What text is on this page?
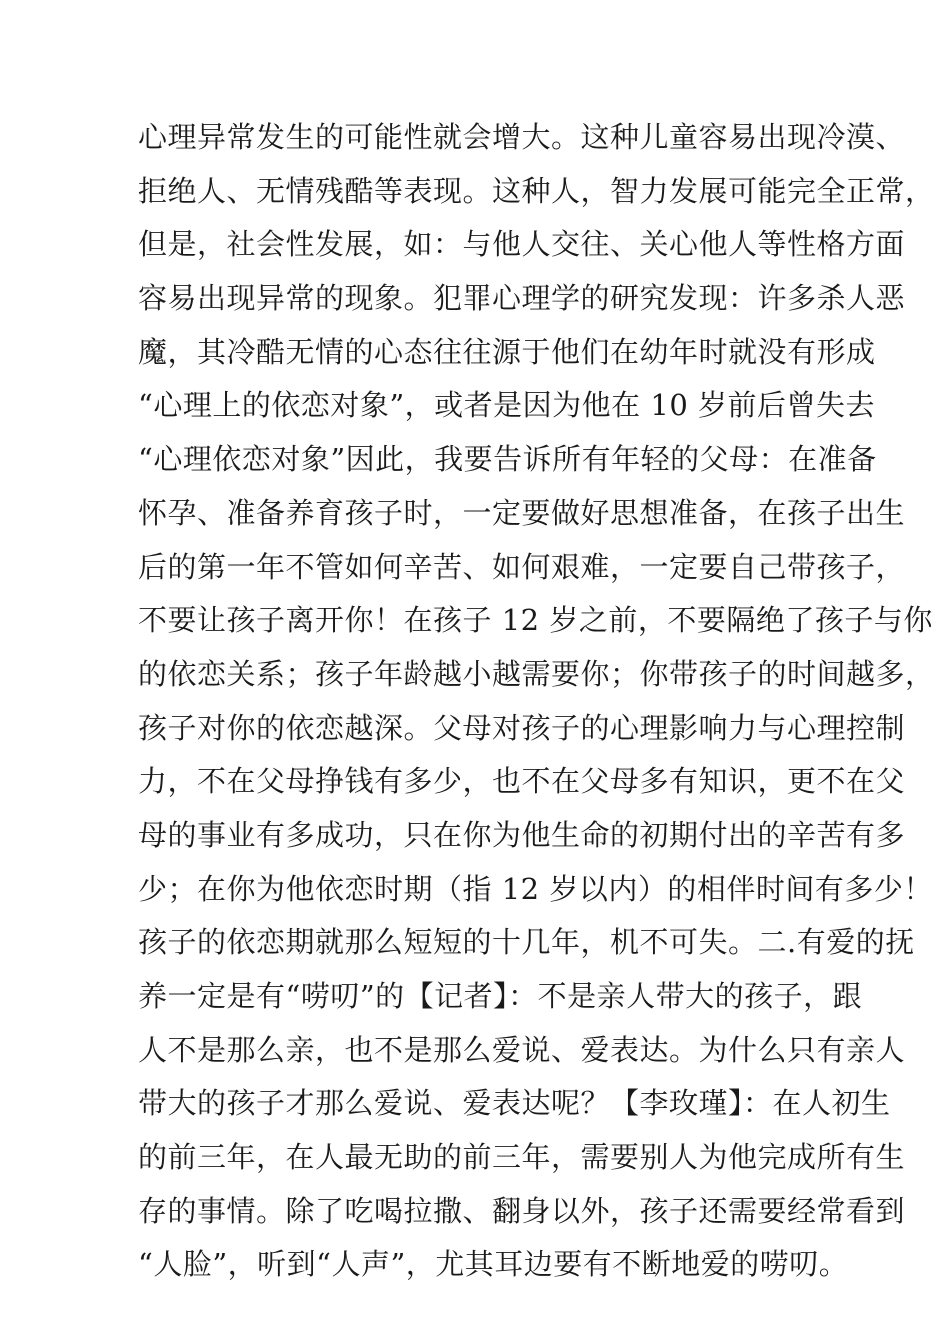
心理异常发生的可能性就会增大。这种儿童容易出现冷漠、
拒绝人、无情残酷等表现。这种人，智力发展可能完全正常，
但是，社会性发展，如：与他人交往、关心他人等性格方面
容易出现异常的现象。犯罪心理学的研究发现：许多杀人恶
魔，其冷酷无情的心态往往源于他们在幼年时就没有形成
“心理上的依恋对象”，或者是因为他在 10 岁前后曾失去
“心理依恋对象”因此，我要告诉所有年轻的父母：在准备
怀孕、准备养育孩子时，一定要做好思想准备，在孩子出生
后的第一年不管如何辛苦、如何艰难，一定要自己带孩子，
不要让孩子离开你！在孩子 12 岁之前，不要隔绝了孩子与你
的依恋关系；孩子年龄越小越需要你；你带孩子的时间越多，
孩子对你的依恋越深。父母对孩子的心理影响力与心理控制
力，不在父母挣钱有多少，也不在父母多有知识，更不在父
母的事业有多成功，只在你为他生命的初期付出的辛苦有多
少；在你为他依恋时期（指 12 岁以内）的相伴时间有多少！
孩子的依恋期就那么短短的十几年，机不可失。二.有爱的抚
养一定是有“唠叨”的【记者】：不是亲人带大的孩子，跟
人不是那么亲，也不是那么爱说、爱表达。为什么只有亲人
带大的孩子才那么爱说、爱表达呢？【李玫瑾】：在人初生
的前三年，在人最无助的前三年，需要别人为他完成所有生
存的事情。除了吃喝拉撒、翻身以外，孩子还需要经常看到
“人脸”，听到“人声”，尤其耳边要有不断地爱的唠叨。
